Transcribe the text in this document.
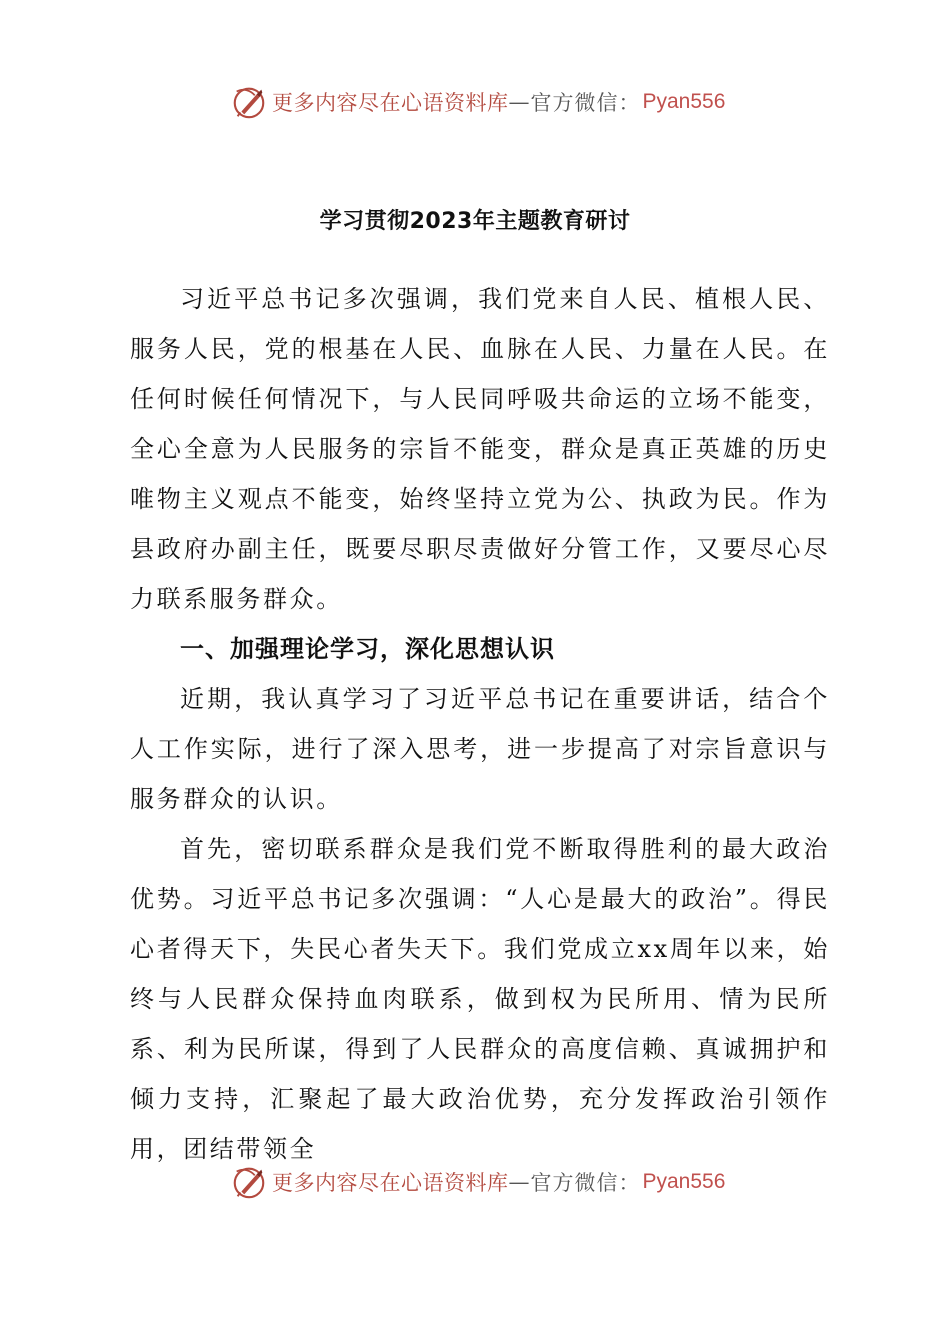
更多内容尽在心语资料库 — 官方微信： Pyan556
学习贯彻2023年主题教育研讨

习近平总书记多次强调，我们党来自人民、植根人民、服务人民，党的根基在人民、血脉在人民、力量在人民。在任何时候任何情况下，与人民同呼吸共命运的立场不能变，全心全意为人民服务的宗旨不能变，群众是真正英雄的历史唯物主义观点不能变，始终坚持立党为公、执政为民。作为县政府办副主任，既要尽职尽责做好分管工作，又要尽心尽力联系服务群众。

一、加强理论学习，深化思想认识

近期，我认真学习了习近平总书记在重要讲话，结合个人工作实际，进行了深入思考，进一步提高了对宗旨意识与服务群众的认识。

首先，密切联系群众是我们党不断取得胜利的最大政治优势。习近平总书记多次强调：“人心是最大的政治”。得民心者得天下，失民心者失天下。我们党成立xx周年以来，始终与人民群众保持血肉联系，做到权为民所用、情为民所系、利为民所谋，得到了人民群众的高度信赖、真诚拥护和倾力支持，汇聚起了最大政治优势，充分发挥政治引领作用，团结带领全

更多内容尽在心语资料库 — 官方微信： Pyan556
